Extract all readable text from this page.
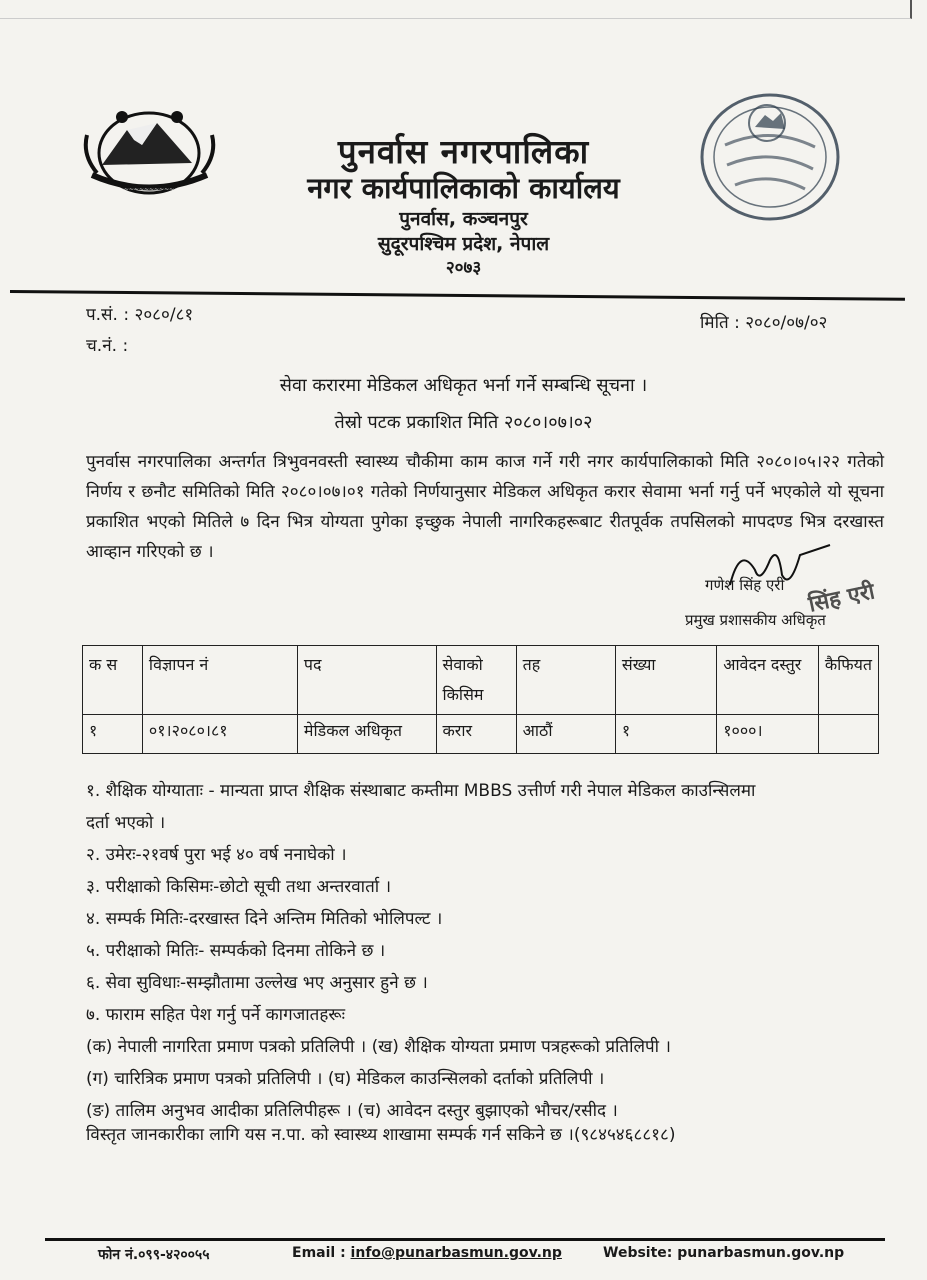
~~~~~~~~~~~~
पुनर्वास नगरपालिका
नगर कार्यपालिकाको कार्यालय
पुनर्वास, कञ्चनपुर
सुदूरपश्चिम प्रदेश, नेपाल
२०७३
प.सं. : २०८०/८१
च.नं. :
मिति : २०८०/०७/०२
सेवा करारमा मेडिकल अधिकृत भर्ना गर्ने सम्बन्धि सूचना ।
तेस्रो पटक प्रकाशित मिति २०८०।०७।०२
पुनर्वास नगरपालिका अन्तर्गत त्रिभुवनवस्ती स्वास्थ्य चौकीमा काम काज गर्ने गरी नगर कार्यपालिकाको मिति २०८०।०५।२२ गतेको निर्णय र छनौट समितिको मिति २०८०।०७।०१ गतेको निर्णयानुसार मेडिकल अधिकृत करार सेवामा भर्ना गर्नु पर्ने भएकोले यो सूचना प्रकाशित भएको मितिले ७ दिन भित्र योग्यता पुगेका इच्छुक नेपाली नागरिकहरूबाट रीतपूर्वक तपसिलको मापदण्ड भित्र दरखास्त आव्हान गरिएको छ ।
गणेश सिंह एरी सिंह एरी
प्रमुख प्रशासकीय अधिकृत
क स	विज्ञापन नं	पद	सेवाको किसिम	तह	संख्या	आवेदन दस्तुर	कैफियत
१	०१।२०८०।८१	मेडिकल अधिकृत	करार	आठौं	१	१०००।	
१. शैक्षिक योग्याताः - मान्यता प्राप्त शैक्षिक संस्थाबाट कम्तीमा MBBS उत्तीर्ण गरी नेपाल मेडिकल काउन्सिलमा
दर्ता भएको ।
२. उमेरः-२१वर्ष पुरा भई ४० वर्ष ननाघेको ।
३. परीक्षाको किसिमः-छोटो सूची तथा अन्तरवार्ता ।
४. सम्पर्क मितिः-दरखास्त दिने अन्तिम मितिको भोलिपल्ट ।
५. परीक्षाको मितिः- सम्पर्कको दिनमा तोकिने छ ।
६. सेवा सुविधाः-सम्झौतामा उल्लेख भए अनुसार हुने छ ।
७. फाराम सहित पेश गर्नु पर्ने कागजातहरूः
(क) नेपाली नागरिता प्रमाण पत्रको प्रतिलिपी । (ख) शैक्षिक योग्यता प्रमाण पत्रहरूको प्रतिलिपी ।
(ग) चारित्रिक प्रमाण पत्रको प्रतिलिपी । (घ) मेडिकल काउन्सिलको दर्ताको प्रतिलिपी ।
(ङ) तालिम अनुभव आदीका प्रतिलिपीहरू । (च) आवेदन दस्तुर बुझाएको भौचर/रसीद ।
विस्तृत जानकारीका लागि यस न.पा. को स्वास्थ्य शाखामा सम्पर्क गर्न सकिने छ ।(९८४५४६८८१८)
फोन नं.०९९-४२००५५	Email : info@punarbasmun.gov.np	Website: punarbasmun.gov.np
